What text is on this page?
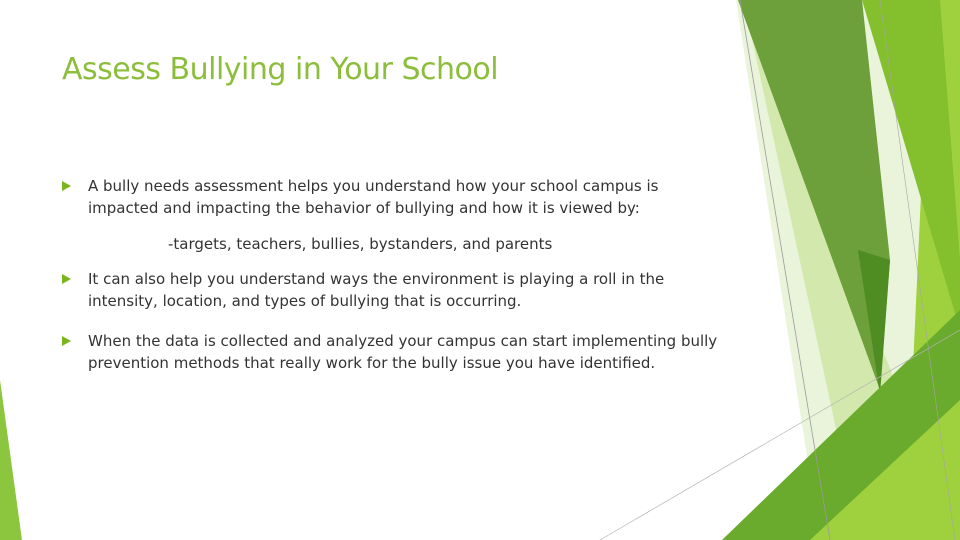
Assess Bullying in Your School
A bully needs assessment helps you understand how your school campus is impacted and impacting the behavior of bullying and how it is viewed by:
-targets, teachers, bullies, bystanders, and parents
It can also help you understand ways the environment is playing a roll in the intensity, location, and types of bullying that is occurring.
When the data is collected and analyzed your campus can start implementing bully prevention methods that really work for the bully issue you have identified.
